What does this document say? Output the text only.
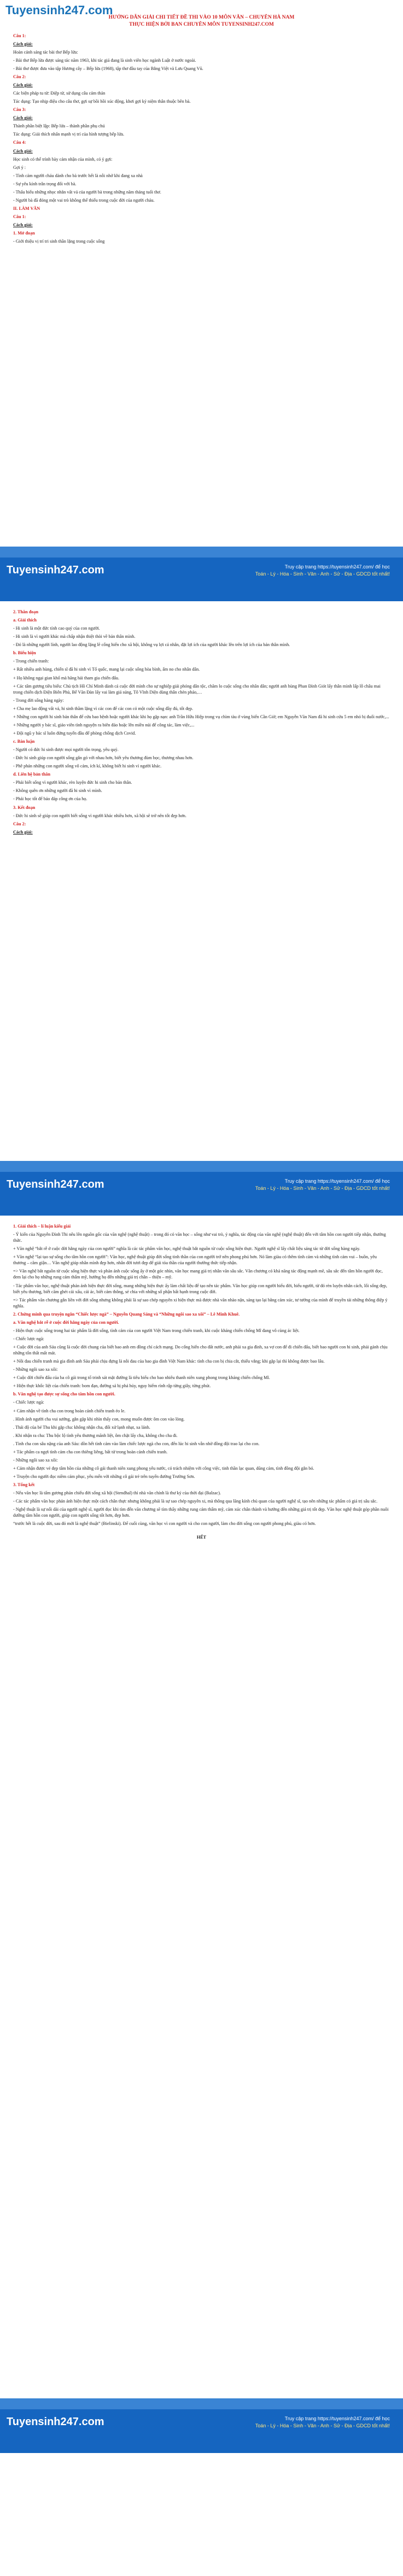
Tuyensinh247.com

HƯỚNG DẪN GIẢI CHI TIẾT ĐỀ THI VÀO 10 MÔN VĂN – CHUYÊN HÀ NAM

THỰC HIỆN BỞI BAN CHUYÊN MÔN TUYENSINH247.COM

Câu 1:

Cách giải:

Hoàn cảnh sáng tác bài thơ Bếp lửa:

- Bài thơ Bếp lửa được sáng tác năm 1963, khi tác giả đang là sinh viên học ngành Luật ở nước ngoài.

- Bài thơ được đưa vào tập Hương cây – Bếp lửa (1968), tập thơ đầu tay của Bằng Việt và Lưu Quang Vũ.

Câu 2:

Cách giải:

Các biện pháp tu từ: Điệp từ, sử dụng câu cảm thán

Tác dụng: Tạo nhịp điệu cho câu thơ, gợi sự bồi hồi xúc động, khơi gợi kỷ niệm thân thuộc bên bà.

Câu 3:

Cách giải:

Thành phần biệt lập: Bếp lửa – thành phần phụ chú

Tác dụng: Giải thích nhấn mạnh vị trí của hình tượng bếp lửa.

Câu 4:

Cách giải:

Học sinh có thể trình bày cảm nhận của mình, có ý gợi:

Gợi ý :

- Tình cảm người cháu dành cho bà trước hết là nỗi nhớ khi đang xa nhà

- Sự yêu kính trân trọng đối với bà.

- Thấu hiểu những nhọc nhằn vất vả của người bà trong những năm tháng tuổi thơ.

- Người bà đã đóng một vai trò không thể thiếu trong cuộc đời của người cháu.

II. LÀM VĂN

Câu 1:

Cách giải:

1. Mở đoạn

- Giới thiệu vị trí tri sinh thần lặng trong cuộc sống

Tuyensinh247.com	Truy cập trang https://tuyensinh247.com/ để học
Toán - Lý - Hóa - Sinh - Văn - Anh - Sử - Địa - GDCD tốt nhất!

2. Thân đoạn

a. Giải thích

- Hi sinh là một đức tính cao quý của con người.

- Hi sinh là vì người khác mà chấp nhận thiệt thòi về bản thân mình.

- Đó là những người lính, người lao động lặng lẽ cống hiến cho xã hội, không vụ lợi cá nhân, đặt lợi ích của người khác lên trên lợi ích của bản thân mình.

b. Biểu hiện

- Trong chiến tranh:

+ Rất nhiều anh hùng, chiến sĩ đã hi sinh vì Tổ quốc, mang lại cuộc sống hòa bình, ấm no cho nhân dân.

+ Họ không ngại gian khổ mà hăng hái tham gia chiến đấu.

+ Các tấm gương tiêu biểu: Chủ tịch Hồ Chí Minh dành cả cuộc đời mình cho sự nghiệp giải phóng dân tộc, chăm lo cuộc sống cho nhân dân; người anh hùng Phan Đình Giót lấy thân mình lấp lỗ châu mai trong chiến dịch Điện Biên Phủ, Bế Văn Đàn lấy vai làm giá súng, Tô Vĩnh Diện dùng thân chèn pháo,…

- Trong đời sống hàng ngày:

+ Cha mẹ lao động vất vả, hi sinh thầm lặng vì các con để các con có một cuộc sống đầy đủ, tốt đẹp.

+ Những con người hi sinh bản thân để cứu bao bệnh hoặc người khác khi họ gặp nạn: anh Trần Hữu Hiệp trong vụ chìm tàu ở vùng biển Cần Giờ; em Nguyễn Văn Nam đã hi sinh cứu 5 em nhỏ bị đuối nước,...

+ Những người y bác sĩ, giáo viên tình nguyện ra biên đảo hoặc lên miền núi để công tác, làm việc,...

+ Đội ngũ y bác sĩ luôn đứng tuyến đầu để phòng chống dịch Covid.

c. Bàn luận

- Người có đức hi sinh được mọi người tôn trọng, yêu quý.

- Đức hi sinh giúp con người sống gắn gó với nhau hơn, biết yêu thương đùm bọc, thương nhau hơn.

- Phê phán những con người sống vô cảm, ích kỉ, không biết hi sinh vì người khác.

d. Liên hệ bản thân

- Phải biết sống vì người khác, rèn luyện đức hi sinh cho bản thân.

- Không quên ơn những người đã hi sinh vì mình.

- Phải học tốt để báo đáp công ơn của họ.

3. Kết đoạn

- Đức hi sinh sẽ giúp con người biết sống vì người khác nhiều hơn, xã hội sẽ trở nên tốt đẹp hơn.

Câu 2:

Cách giải:

Tuyensinh247.com	Truy cập trang https://tuyensinh247.com/ để học
Toán - Lý - Hóa - Sinh - Văn - Anh - Sử - Địa - GDCD tốt nhất!

1. Giải thích – lí luận kiểu giải

- Ý kiến của Nguyễn Đình Thi nêu lên nguồn gốc của văn nghệ (nghệ thuật) – trong đó có văn học – sống như vai trò, ý nghĩa, tác động của văn nghệ (nghệ thuật) đến với tâm hồn con người tiếp nhận, thưởng thức.

+ Văn nghệ “bắt rễ ở cuộc đời hằng ngày của con người” nghĩa là các tác phẩm văn học, nghệ thuật bắt nguồn từ cuộc sống hiện thực. Người nghệ sĩ lấy chất liệu sáng tác từ đời sống hàng ngày.

+ Văn nghệ “lại tạo sự sống cho tâm hồn con người”: Văn học, nghệ thuật giúp đời sống tinh thần của con người trở nên phong phú hơn. Nó làm giàu có thêm tình cảm và những tình cảm vui – buồn, yêu thương – căm giận… Văn nghệ giúp nhân mình đẹp hơn, nhân đời tươi đẹp để giải tỏa thần của người thưởng thức tiếp nhận.

=> Văn nghệ bắt nguồn từ cuộc sống hiện thực và phản ánh cuộc sống ấy ở một góc nhìn, văn học mang giá trị nhân văn sâu sắc. Văn chương có khả năng tác động mạnh mẽ, sâu sắc đến tâm hồn người đọc, đem lại cho họ những rung cảm thẩm mỹ, hướng họ đến những giá trị chân – thiện – mỹ.

- Tác phẩm văn học, nghệ thuật phản ánh hiện thực đời sống, mang những hiện thực ấy làm chất liệu để tạo nên tác phẩm. Văn học giúp con người hiểu đời, hiểu người, từ đó rèn luyện nhân cách, lối sống đẹp, biết yêu thương, biết căm ghét cái xấu, cái ác, biết cảm thông, sẻ chia với những số phận bất hạnh trong cuộc đời.

=> Tác phẩm văn chương gắn liền với đời sống nhưng không phải là sự sao chép nguyên xi hiện thực mà được nhà văn nhào nặn, sáng tạo lại bằng cảm xúc, tư tưởng của mình để truyền tải những thông điệp ý nghĩa.

2. Chứng minh qua truyện ngắn “Chiếc lược ngà” – Nguyễn Quang Sáng và “Những ngôi sao xa xôi” – Lê Minh Khuê.

a. Văn nghệ bắt rễ ở cuộc đời hằng ngày của con người.

- Hiện thực cuộc sống trong hai tác phẩm là đời sống, tình cảm của con người Việt Nam trong chiến tranh, khi cuộc kháng chiến chống Mĩ đang vô cùng ác liệt.

- Chiếc lược ngà:

+ Cuộc đời của anh Sáu cũng là cuộc đời chung của biết bao anh em đồng chí cách mạng. Do cống hiến cho đất nước, anh phải xa gia đình, xa vợ con để đi chiến đấu, biết bao người con hi sinh, phải gánh chịu những tổn thất mất mát.

+ Nỗi đau chiến tranh mà gia đình anh Sáu phải chịu đựng là nỗi đau của bao gia đình Việt Nam khác: tình cha con bị chia cắt, thiếu vắng; khi gặp lại thì không được bao lâu.

- Những ngôi sao xa xôi:

+ Cuộc đời chiến đấu của ba cô gái trong tổ trinh sát mặt đường là tiêu biểu cho bao nhiêu thanh niên xung phong trong kháng chiến chống Mĩ.

+ Hiện thực khốc liệt của chiến tranh: bom đạn, đường sá bị phá hủy, nguy hiểm rình rập từng giây, từng phút.

b. Văn nghệ tạo được sự sống cho tâm hồn con người.

- Chiếc lược ngà:

+ Cảm nhận về tình cha con trong hoàn cảnh chiến tranh éo le.

. Hình ảnh người cha vui sướng, gắn gặp khi nhìn thấy con, mong muốn được ôm con vào lòng.

. Thái độ của bé Thu khi gặp cha: không nhận cha, đối xử lạnh nhạt, xa lánh.

. Khi nhận ra cha: Thu bộc lộ tình yêu thương mãnh liệt, ôm chặt lấy cha, không cho cha đi.

. Tình cha con sâu nặng của anh Sáu: dồn hết tình cảm vào làm chiếc lược ngà cho con, đến lúc hi sinh vẫn nhờ đồng đội trao lại cho con.

+ Tác phẩm ca ngợi tình cảm cha con thiêng liêng, bất tử trong hoàn cảnh chiến tranh.

- Những ngôi sao xa xôi:

+ Cảm nhận được vẻ đẹp tâm hồn của những cô gái thanh niên xung phong yêu nước, có trách nhiệm với công việc, tinh thần lạc quan, dũng cảm, tình đồng đội gắn bó.

+ Truyện cho người đọc niềm cảm phục, yêu mến với những cô gái trẻ trên tuyến đường Trường Sơn.

3. Tổng kết

- Nếu văn học là tấm gương phản chiếu đời sống xã hội (Stendhal) thì nhà văn chính là thư ký của thời đại (Balzac).

- Các tác phẩm văn học phản ánh hiện thực một cách chân thực nhưng không phải là sự sao chép nguyên xi, mà thông qua lăng kính chủ quan của người nghệ sĩ, tạo nên những tác phẩm có giá trị sâu sắc.

- Nghệ thuật là sự nối dài của người nghệ sĩ, người đọc khi tìm đến văn chương sẽ tìm thấy những rung cảm thẩm mỹ, cảm xúc chân thành và hướng đến những giá trị tốt đẹp. Văn học nghệ thuật góp phần nuôi dưỡng tâm hồn con người, giúp con người sống tốt hơn, đẹp hơn.

“trước hết là cuộc đời, sau đó mới là nghệ thuật” (Bielinski). Để cuối cùng, văn học vì con người và cho con người, làm cho đời sống con người phong phú, giàu có hơn.

HẾT

Tuyensinh247.com	Truy cập trang https://tuyensinh247.com/ để học
Toán - Lý - Hóa - Sinh - Văn - Anh - Sử - Địa - GDCD tốt nhất!
